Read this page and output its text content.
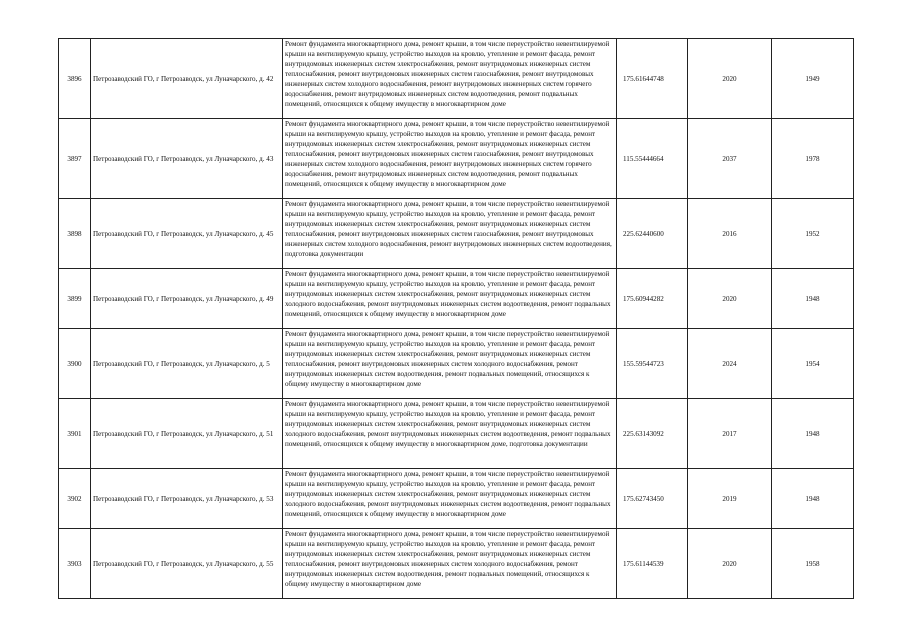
3896	Петрозаводский ГО, г Петрозаводск, ул Луначарского, д. 42	Ремонт фундамента многоквартирного дома, ремонт крыши, в том числе переустройство невентилируемой крыши на вентилируемую крышу, устройство выходов на кровлю, утепление и ремонт фасада, ремонт внутридомовых инженерных систем электроснабжения, ремонт внутридомовых инженерных систем теплоснабжения, ремонт внутридомовых инженерных систем газоснабжения, ремонт внутридомовых инженерных систем холодного водоснабжения, ремонт внутридомовых инженерных систем горячего водоснабжения, ремонт внутридомовых инженерных систем водоотведения, ремонт подвальных помещений, относящихся к общему имуществу в многоквартирном доме	175.61644748	2020	1949
3897	Петрозаводский ГО, г Петрозаводск, ул Луначарского, д. 43	Ремонт фундамента многоквартирного дома, ремонт крыши, в том числе переустройство невентилируемой крыши на вентилируемую крышу, устройство выходов на кровлю, утепление и ремонт фасада, ремонт внутридомовых инженерных систем электроснабжения, ремонт внутридомовых инженерных систем теплоснабжения, ремонт внутридомовых инженерных систем газоснабжения, ремонт внутридомовых инженерных систем холодного водоснабжения, ремонт внутридомовых инженерных систем горячего водоснабжения, ремонт внутридомовых инженерных систем водоотведения, ремонт подвальных помещений, относящихся к общему имуществу в многоквартирном доме	115.55444664	2037	1978
3898	Петрозаводский ГО, г Петрозаводск, ул Луначарского, д. 45	Ремонт фундамента многоквартирного дома, ремонт крыши, в том числе переустройство невентилируемой крыши на вентилируемую крышу, устройство выходов на кровлю, утепление и ремонт фасада, ремонт внутридомовых инженерных систем электроснабжения, ремонт внутридомовых инженерных систем теплоснабжения, ремонт внутридомовых инженерных систем газоснабжения, ремонт внутридомовых инженерных систем холодного водоснабжения, ремонт внутридомовых инженерных систем водоотведения, подготовка документации	225.62440600	2016	1952
3899	Петрозаводский ГО, г Петрозаводск, ул Луначарского, д. 49	Ремонт фундамента многоквартирного дома, ремонт крыши, в том числе переустройство невентилируемой крыши на вентилируемую крышу, устройство выходов на кровлю, утепление и ремонт фасада, ремонт внутридомовых инженерных систем электроснабжения, ремонт внутридомовых инженерных систем холодного водоснабжения, ремонт внутридомовых инженерных систем водоотведения, ремонт подвальных помещений, относящихся к общему имуществу в многоквартирном доме	175.60944282	2020	1948
3900	Петрозаводский ГО, г Петрозаводск, ул Луначарского, д. 5	Ремонт фундамента многоквартирного дома, ремонт крыши, в том числе переустройство невентилируемой крыши на вентилируемую крышу, устройство выходов на кровлю, утепление и ремонт фасада, ремонт внутридомовых инженерных систем электроснабжения, ремонт внутридомовых инженерных систем теплоснабжения, ремонт внутридомовых инженерных систем холодного водоснабжения, ремонт внутридомовых инженерных систем водоотведения, ремонт подвальных помещений, относящихся к общему имуществу в многоквартирном доме	155.59544723	2024	1954
3901	Петрозаводский ГО, г Петрозаводск, ул Луначарского, д. 51	Ремонт фундамента многоквартирного дома, ремонт крыши, в том числе переустройство невентилируемой крыши на вентилируемую крышу, устройство выходов на кровлю, утепление и ремонт фасада, ремонт внутридомовых инженерных систем электроснабжения, ремонт внутридомовых инженерных систем холодного водоснабжения, ремонт внутридомовых инженерных систем водоотведения, ремонт подвальных помещений, относящихся к общему имуществу в многоквартирном доме, подготовка документации	225.63143092	2017	1948
3902	Петрозаводский ГО, г Петрозаводск, ул Луначарского, д. 53	Ремонт фундамента многоквартирного дома, ремонт крыши, в том числе переустройство невентилируемой крыши на вентилируемую крышу, устройство выходов на кровлю, утепление и ремонт фасада, ремонт внутридомовых инженерных систем электроснабжения, ремонт внутридомовых инженерных систем холодного водоснабжения, ремонт внутридомовых инженерных систем водоотведения, ремонт подвальных помещений, относящихся к общему имуществу в многоквартирном доме	175.62743450	2019	1948
3903	Петрозаводский ГО, г Петрозаводск, ул Луначарского, д. 55	Ремонт фундамента многоквартирного дома, ремонт крыши, в том числе переустройство невентилируемой крыши на вентилируемую крышу, устройство выходов на кровлю, утепление и ремонт фасада, ремонт внутридомовых инженерных систем электроснабжения, ремонт внутридомовых инженерных систем теплоснабжения, ремонт внутридомовых инженерных систем холодного водоснабжения, ремонт внутридомовых инженерных систем водоотведения, ремонт подвальных помещений, относящихся к общему имуществу в многоквартирном доме	175.61144539	2020	1958
